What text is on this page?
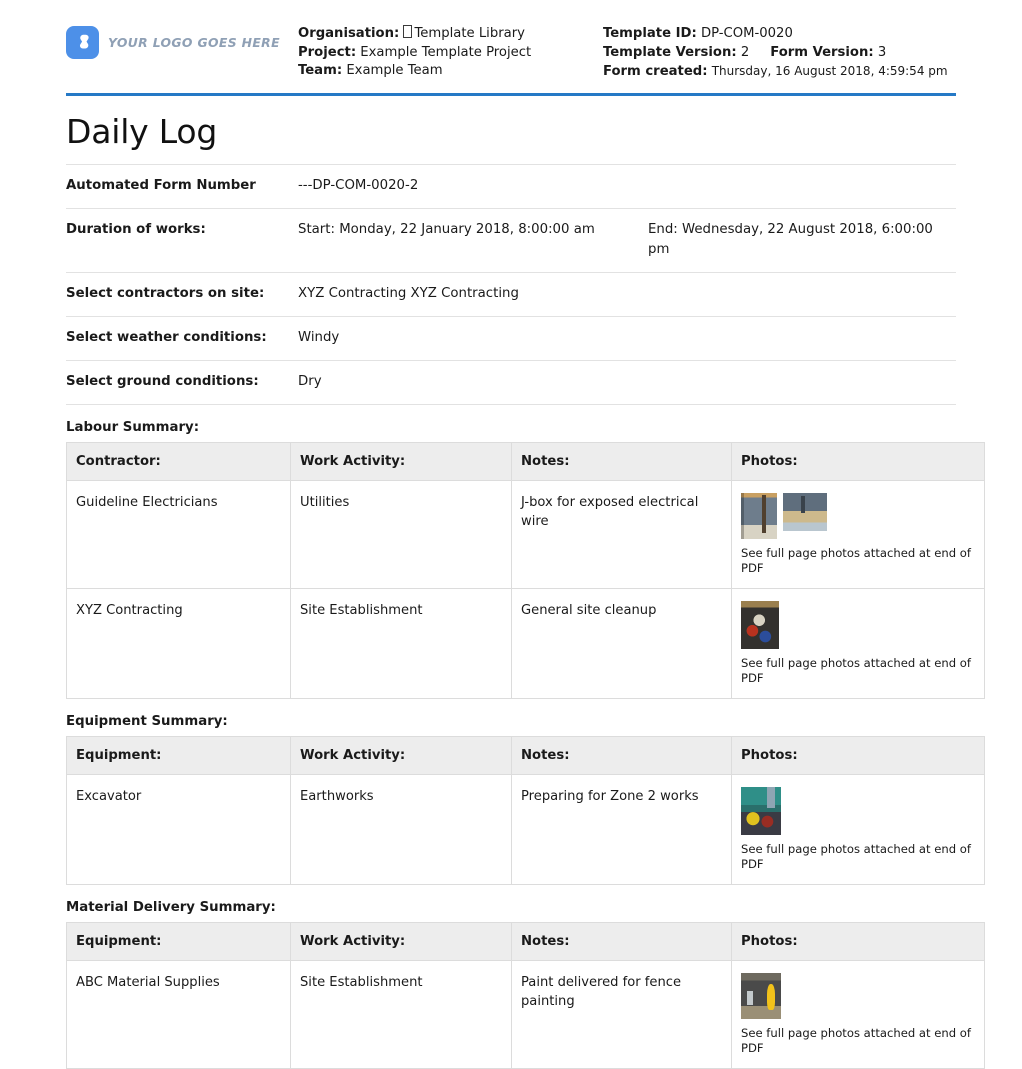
YOUR LOGO GOES HERE
Organisation: Template Library
Project: Example Template Project
Team: Example Team
Template ID: DP-COM-0020
Template Version: 2 Form Version: 3
Form created: Thursday, 16 August 2018, 4:59:54 pm
Daily Log
Automated Form Number	---DP-COM-0020-2
Duration of works:	Start: Monday, 22 January 2018, 8:00:00 am	End: Wednesday, 22 August 2018, 6:00:00 pm
Select contractors on site:	XYZ Contracting XYZ Contracting
Select weather conditions:	Windy
Select ground conditions:	Dry
Labour Summary:
Contractor:	Work Activity:	Notes:	Photos:
Guideline Electricians	Utilities	J-box for exposed electrical wire	See full page photos attached at end of PDF

XYZ Contracting	Site Establishment	General site cleanup	See full page photos attached at end of PDF
Equipment Summary:
Equipment:	Work Activity:	Notes:	Photos:
Excavator	Earthworks	Preparing for Zone 2 works	See full page photos attached at end of PDF
Material Delivery Summary:
Equipment:	Work Activity:	Notes:	Photos:
ABC Material Supplies	Site Establishment	Paint delivered for fence painting	See full page photos attached at end of PDF
